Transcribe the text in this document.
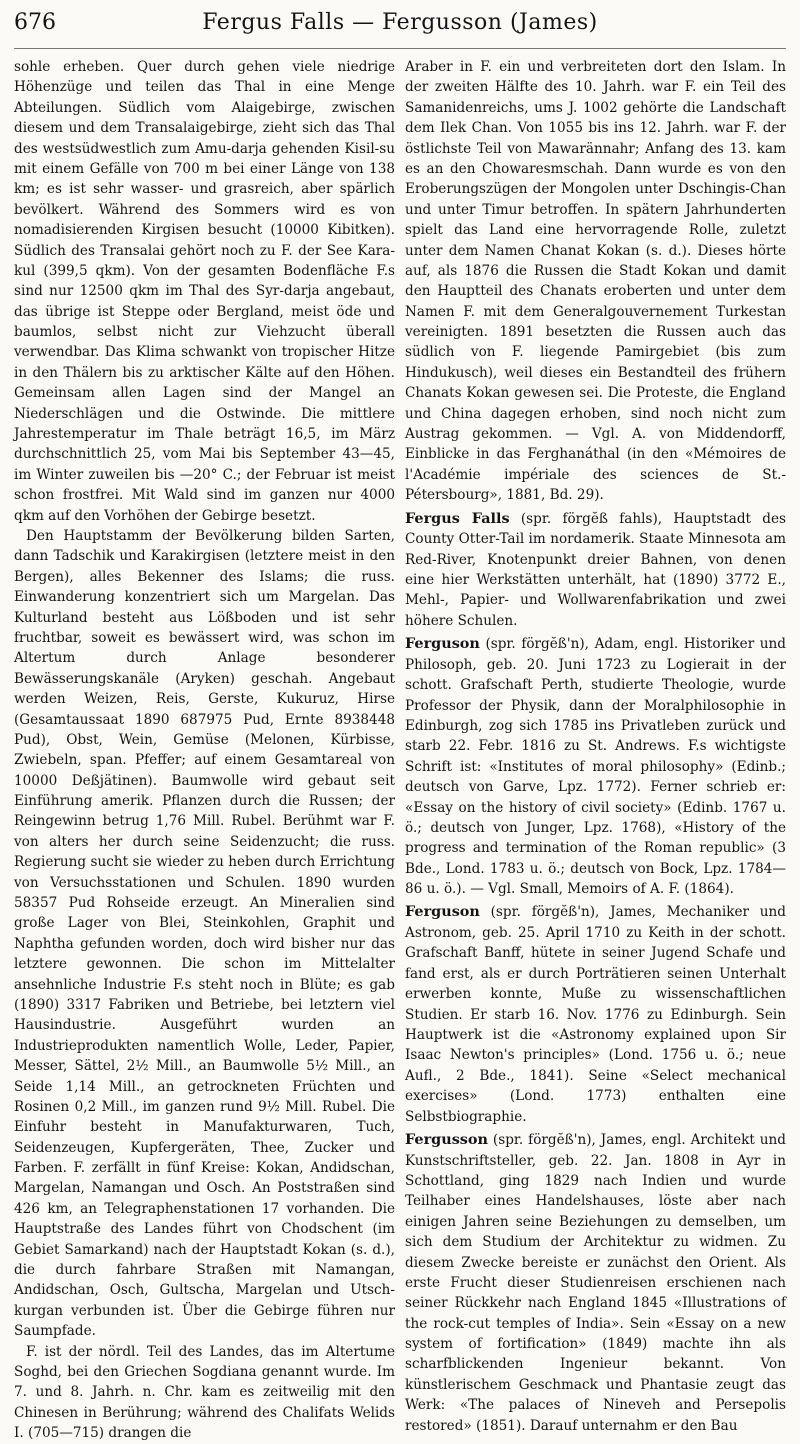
676	Fergus Falls — Fergusson (James)

sohle erheben. Quer durch gehen viele niedrige Höhenzüge und teilen das Thal in eine Menge Abteilungen. Südlich vom Alaigebirge, zwischen diesem und dem Transalaigebirge, zieht sich das Thal des westsüdwestlich zum Amu-darja gehenden Kisil-su mit einem Gefälle von 700 m bei einer Länge von 138 km; es ist sehr wasser- und grasreich, aber spärlich bevölkert. Während des Sommers wird es von nomadisierenden Kirgisen besucht (10000 Kibitken). Südlich des Transalai gehört noch zu F. der See Kara-kul (399,5 qkm). Von der gesamten Bodenfläche F.s sind nur 12500 qkm im Thal des Syr-darja angebaut, das übrige ist Steppe oder Bergland, meist öde und baumlos, selbst nicht zur Viehzucht überall verwendbar. Das Klima schwankt von tropischer Hitze in den Thälern bis zu arktischer Kälte auf den Höhen. Gemeinsam allen Lagen sind der Mangel an Niederschlägen und die Ostwinde. Die mittlere Jahrestemperatur im Thale beträgt 16,5, im März durchschnittlich 25, vom Mai bis September 43—45, im Winter zuweilen bis —20° C.; der Februar ist meist schon frostfrei. Mit Wald sind im ganzen nur 4000 qkm auf den Vorhöhen der Gebirge besetzt.

Den Hauptstamm der Bevölkerung bilden Sarten, dann Tadschik und Karakirgisen (letztere meist in den Bergen), alles Bekenner des Islams; die russ. Einwanderung konzentriert sich um Margelan. Das Kulturland besteht aus Lößboden und ist sehr fruchtbar, soweit es bewässert wird, was schon im Altertum durch Anlage besonderer Bewässerungskanäle (Aryken) geschah. Angebaut werden Weizen, Reis, Gerste, Kukuruz, Hirse (Gesamtaussaat 1890 687975 Pud, Ernte 8938448 Pud), Obst, Wein, Gemüse (Melonen, Kürbisse, Zwiebeln, span. Pfeffer; auf einem Gesamtareal von 10000 Deßjätinen). Baumwolle wird gebaut seit Einführung amerik. Pflanzen durch die Russen; der Reingewinn betrug 1,76 Mill. Rubel. Berühmt war F. von alters her durch seine Seidenzucht; die russ. Regierung sucht sie wieder zu heben durch Errichtung von Versuchsstationen und Schulen. 1890 wurden 58357 Pud Rohseide erzeugt. An Mineralien sind große Lager von Blei, Steinkohlen, Graphit und Naphtha gefunden worden, doch wird bisher nur das letztere gewonnen. Die schon im Mittelalter ansehnliche Industrie F.s steht noch in Blüte; es gab (1890) 3317 Fabriken und Betriebe, bei letztern viel Hausindustrie. Ausgeführt wurden an Industrieprodukten namentlich Wolle, Leder, Papier, Messer, Sättel, 2½ Mill., an Baumwolle 5½ Mill., an Seide 1,14 Mill., an getrockneten Früchten und Rosinen 0,2 Mill., im ganzen rund 9½ Mill. Rubel. Die Einfuhr besteht in Manufakturwaren, Tuch, Seidenzeugen, Kupfergeräten, Thee, Zucker und Farben. F. zerfällt in fünf Kreise: Kokan, Andidschan, Margelan, Namangan und Osch. An Poststraßen sind 426 km, an Telegraphenstationen 17 vorhanden. Die Hauptstraße des Landes führt von Chodschent (im Gebiet Samarkand) nach der Hauptstadt Kokan (s. d.), die durch fahrbare Straßen mit Namangan, Andidschan, Osch, Gultscha, Margelan und Utsch-kurgan verbunden ist. Über die Gebirge führen nur Saumpfade.

F. ist der nördl. Teil des Landes, das im Altertume Soghd, bei den Griechen Sogdiana genannt wurde. Im 7. und 8. Jahrh. n. Chr. kam es zeitweilig mit den Chinesen in Berührung; während des Chalifats Welids I. (705—715) drangen die

Araber in F. ein und verbreiteten dort den Islam. In der zweiten Hälfte des 10. Jahrh. war F. ein Teil des Samanidenreichs, ums J. 1002 gehörte die Landschaft dem Ilek Chan. Von 1055 bis ins 12. Jahrh. war F. der östlichste Teil von Mawarännahr; Anfang des 13. kam es an den Chowaresmschah. Dann wurde es von den Eroberungszügen der Mongolen unter Dschingis-Chan und unter Timur betroffen. In spätern Jahrhunderten spielt das Land eine hervorragende Rolle, zuletzt unter dem Namen Chanat Kokan (s. d.). Dieses hörte auf, als 1876 die Russen die Stadt Kokan und damit den Hauptteil des Chanats eroberten und unter dem Namen F. mit dem Generalgouvernement Turkestan vereinigten. 1891 besetzten die Russen auch das südlich von F. liegende Pamirgebiet (bis zum Hindukusch), weil dieses ein Bestandteil des frühern Chanats Kokan gewesen sei. Die Proteste, die England und China dagegen erhoben, sind noch nicht zum Austrag gekommen. — Vgl. A. von Middendorff, Einblicke in das Ferghanáthal (in den «Mémoires de l'Académie impériale des sciences de St.-Pétersbourg», 1881, Bd. 29).

Fergus Falls (spr. förgĕß fahls), Hauptstadt des County Otter-Tail im nordamerik. Staate Minnesota am Red-River, Knotenpunkt dreier Bahnen, von denen eine hier Werkstätten unterhält, hat (1890) 3772 E., Mehl-, Papier- und Wollwarenfabrikation und zwei höhere Schulen.

Ferguson (spr. förgĕß'n), Adam, engl. Historiker und Philosoph, geb. 20. Juni 1723 zu Logierait in der schott. Grafschaft Perth, studierte Theologie, wurde Professor der Physik, dann der Moralphilosophie in Edinburgh, zog sich 1785 ins Privatleben zurück und starb 22. Febr. 1816 zu St. Andrews. F.s wichtigste Schrift ist: «Institutes of moral philosophy» (Edinb.; deutsch von Garve, Lpz. 1772). Ferner schrieb er: «Essay on the history of civil society» (Edinb. 1767 u. ö.; deutsch von Junger, Lpz. 1768), «History of the progress and termination of the Roman republic» (3 Bde., Lond. 1783 u. ö.; deutsch von Bock, Lpz. 1784—86 u. ö.). — Vgl. Small, Memoirs of A. F. (1864).

Ferguson (spr. förgĕß'n), James, Mechaniker und Astronom, geb. 25. April 1710 zu Keith in der schott. Grafschaft Banff, hütete in seiner Jugend Schafe und fand erst, als er durch Porträtieren seinen Unterhalt erwerben konnte, Muße zu wissenschaftlichen Studien. Er starb 16. Nov. 1776 zu Edinburgh. Sein Hauptwerk ist die «Astronomy explained upon Sir Isaac Newton's principles» (Lond. 1756 u. ö.; neue Aufl., 2 Bde., 1841). Seine «Select mechanical exercises» (Lond. 1773) enthalten eine Selbstbiographie.

Fergusson (spr. förgĕß'n), James, engl. Architekt und Kunstschriftsteller, geb. 22. Jan. 1808 in Ayr in Schottland, ging 1829 nach Indien und wurde Teilhaber eines Handelshauses, löste aber nach einigen Jahren seine Beziehungen zu demselben, um sich dem Studium der Architektur zu widmen. Zu diesem Zwecke bereiste er zunächst den Orient. Als erste Frucht dieser Studienreisen erschienen nach seiner Rückkehr nach England 1845 «Illustrations of the rock-cut temples of India». Sein «Essay on a new system of fortification» (1849) machte ihn als scharfblickenden Ingenieur bekannt. Von künstlerischem Geschmack und Phantasie zeugt das Werk: «The palaces of Nineveh and Persepolis restored» (1851). Darauf unternahm er den Bau
